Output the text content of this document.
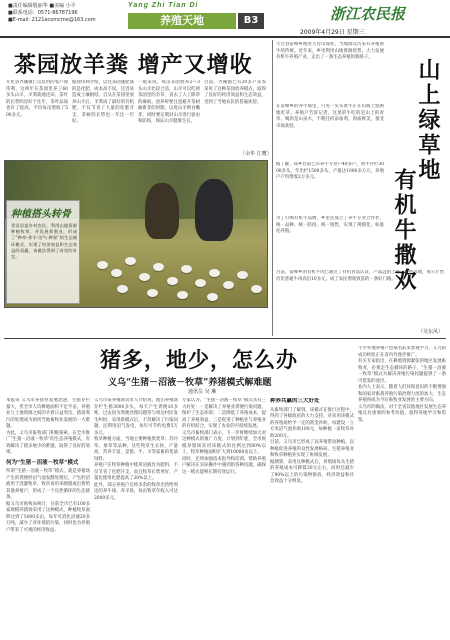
■责任编辑殷丽华 ■美编 小平
■联系电话：0571-86787196
■E-mail: 2121acomcme@163.com
Yang Zhi Tian Di
养殖天地	B3	浙江农民报
2009年4月29日 星期三
茶园放羊粪 增产又增收
开化县齐溪镇仁宗坑村的农户徐伟利，这两年在茶园里养了60多头山羊，羊粪就地还田，茶叶的长势明显好于往年，茶叶品质也有了提高，平均每亩增收了500多元。
据徐伟利介绍，以往茶园施肥靠的是化肥，成本高不说，还容易造成土壤板结。自从在茶园里放养山羊后，羊粪成了最好的有机肥，不仅节省了大量的化肥开支，茶树的长势也一年比一年好。
一般来说，每亩茶园放养2～3头山羊比较合适，山羊可以吃掉茶园里的杂草，省去了人工除草的麻烦。放养时要注意避开茶树抽新芽的时期，以免山羊啃食嫩芽。同时要定期对山羊进行驱虫和防疫，保证山羊健康生长。
目前，齐溪镇已有20多户茶农采用了这种茶园放养模式，取得了良好的经济效益和生态效益，受到了当地农民的普遍欢迎。
（余华 江鹰）
天台县雷峰乡地处天台山深处，当地群众历来有养殖黄牛的传统。近年来，乡里利用山地资源优势，大力发展有机牛养殖产业，走出了一条生态养殖的新路子。
山上绿草地
有机牛撒欢
在雷峰乡的养牛场里，只见一头头黄牛正在山坡上悠闲地吃草。养殖户告诉记者，这里的牛吃的是山上的青草，喝的是山泉水，不喂任何添加剂，肉质鲜美，很受市场欢迎。
据了解，该乡目前已有养牛专业户40多户，黄牛存栏3000多头，年出栏1500多头，产值达1000多万元，养殖户户均增收2万多元。
为了打响有机牛品牌，乡里还成立了养牛专业合作社，统一品种、统一防疫、统一销售，实现了规模化、标准化养殖。
目前，雷峰乡的有机牛肉已通过了有机食品认证，产品远销上海、杭州等地，每公斤售价比普通牛肉高出10多元，成了农民增收致富的一条好门路。
（吴东风）
种植搭头转骨
青田县某乡村农民，利用山地资源种植牧草，并发展养殖业，形成了“种草-养羊-沼气-种果”的生态循环模式，实现了经济效益和生态效益的双赢，该做法得到了省里的肯定。
猪多，地少，怎么办
义乌“生猪－沼液－牧草”养猪模式解难题
通讯员 吴 琳

本报讯 义乌市养猪业发展迅速，生猪存栏量大，但全市人均耕地面积不足半亩，养殖业与土地资源之间的矛盾日益突出，猪场粪污的处理成为困扰当地畜牧业发展的一大难题。

为此，义乌市畜牧部门积极探索，在全市推广“生猪－沼液－牧草”的生态养殖模式，有效解决了猪多地少的难题，取得了良好的效果。

何为“生猪－沼液－牧草”模式

所谓“生猪－沼液－牧草”模式，就是养猪场产生的粪便经沼气池发酵处理后，产生的沼液用于浇灌牧草，牧草再用来喂猪或出售给其他养殖户，形成了一个良性循环的生态链条。

据义乌市畜牧局统计，目前全市已有100多家规模养猪场采用了这种模式，种植牧草面积达到了5000多亩，每年可消化沼液20多万吨，减少了对环境的污染，同时也为养殖户带来了可观的经济收益。

义乌市某养殖场负责人介绍说，他们养殖场存栏生猪3000多头，每天产生粪便10多吨，过去因为粪便处理问题常与周边村民发生纠纷，采用新模式后，不但解决了污染问题，还利用沼气发电，每年可节约电费5万多元。

牧草种植方面，当地主要种植黑麦草、苏丹草、象草等品种，这些牧草生长快、产量高，营养丰富，是猪、牛、羊等家畜的优质饲料。

养殖户在牧草种植中使用沼液作为肥料，不仅节省了化肥开支，而且牧草长势更好，产量比使用化肥提高了20%以上。

此外，部分养殖户还将多余的牧草出售给周边的养牛场、养羊场，每亩牧草年收入可达2000多元。

专家认为，“生猪－沼液－牧草”模式具有三大好处：一是解决了养殖业粪便污染问题，保护了生态环境；二是降低了养殖成本，提高了养殖效益；三是促进了种植业与养殖业的有机结合，实现了农业的可持续发展。

义乌市畜牧部门表示，下一步将继续加大对这种模式的推广力度，计划到年底，全市规模养猪场采用该模式的比例达到80%以上，牧草种植面积扩大到10000亩以上。

同时，还将加强技术指导和培训，帮助养殖户解决在实际操作中遇到的各种问题，确保这一模式能够长期有效运行。

种养共赢的三大好处

从畜牧部门了解到，该模式在推行过程中，得到了各级政府的大力支持，对采用该模式的养殖场给予一定的资金补助，每建设一立方米沼气池补助100元，每种植一亩牧草补助200元。

目前，义乌市已形成了以养殖带动种植、以种植促进养殖的良性发展格局，生猪养殖业和牧草种植业实现了协调发展。

据测算，采用这种模式后，养殖场每头生猪的养殖成本可降低30元左右，同时还减少了90%以上的污染物排放，经济效益和社会效益十分明显。

不少外地养殖户也慕名前来参观学习，义乌的成功经验正在省内外逐步推广。

有关专家指出，在耕地资源紧张的地区发展畜牧业，必须走生态循环的路子，“生猪－沼液－牧草”模式为解决养殖污染问题提供了一条可借鉴的途径。

业内人士表示，随着人们环保意识的不断增强和国家对畜禽养殖污染治理力度的加大，生态养殖将成为今后畜牧业发展的主要方向。

义乌市的做法，对于全省其他地区发展生态养殖具有重要的参考价值，值得各地学习和借鉴。
